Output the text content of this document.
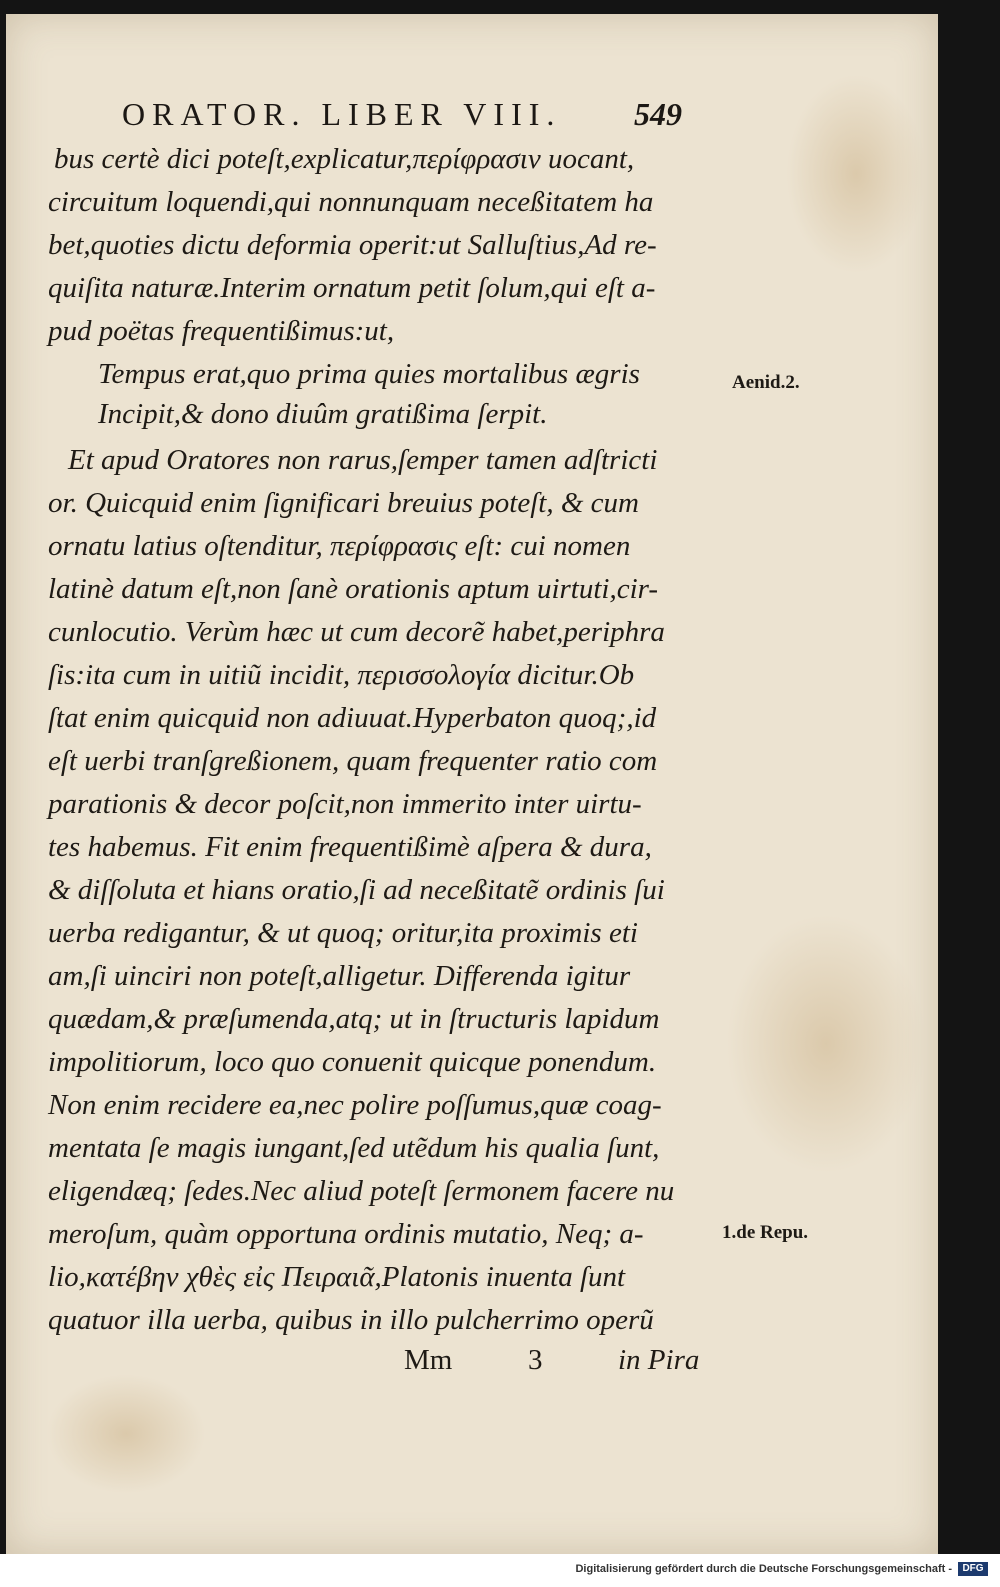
ORATOR. LIBER VIII. 549
bus certè dici poteſt,explicatur,περίφρασιν uocant,
circuitum loquendi,qui nonnunquam neceßitatem ha
bet,quoties dictu deformia operit:ut Salluſtius,Ad re-
quiſita naturæ.Interim ornatum petit ſolum,qui eſt a-
pud poëtas frequentißimus:ut,
Tempus erat,quo prima quies mortalibus ægris
Incipit,& dono diuûm gratißima ſerpit.
Et apud Oratores non rarus,ſemper tamen adſtricti
or. Quicquid enim ſignificari breuius poteſt, & cum
ornatu latius oſtenditur, περίφρασις eſt: cui nomen
latinè datum eſt,non ſanè orationis aptum uirtuti,cir-
cunlocutio. Verùm hæc ut cum decorẽ habet,periphra
ſis:ita cum in uitiũ incidit, περισσολογία dicitur.Ob
ſtat enim quicquid non adiuuat.Hyperbaton quoq;,id
eſt uerbi tranſgreßionem, quam frequenter ratio com
parationis & decor poſcit,non immerito inter uirtu-
tes habemus. Fit enim frequentißimè aſpera & dura,
& diſſoluta et hians oratio,ſi ad neceßitatẽ ordinis ſui
uerba redigantur, & ut quoq; oritur,ita proximis eti
am,ſi uinciri non poteſt,alligetur. Differenda igitur
quædam,& præſumenda,atq; ut in ſtructuris lapidum
impolitiorum, loco quo conuenit quicque ponendum.
Non enim recidere ea,nec polire poſſumus,quæ coag-
mentata ſe magis iungant,ſed utẽdum his qualia ſunt,
eligendæq; ſedes.Nec aliud poteſt ſermonem facere nu
meroſum, quàm opportuna ordinis mutatio, Neq; a-
lio,κατέβην χθὲς εἰς Πειραιᾶ,Platonis inuenta ſunt
quatuor illa uerba, quibus in illo pulcherrimo operũ
Aenid.2.
1.de Repu.
Mm	3	in Pira
Digitalisierung gefördert durch die Deutsche Forschungsgemeinschaft -	DFG
